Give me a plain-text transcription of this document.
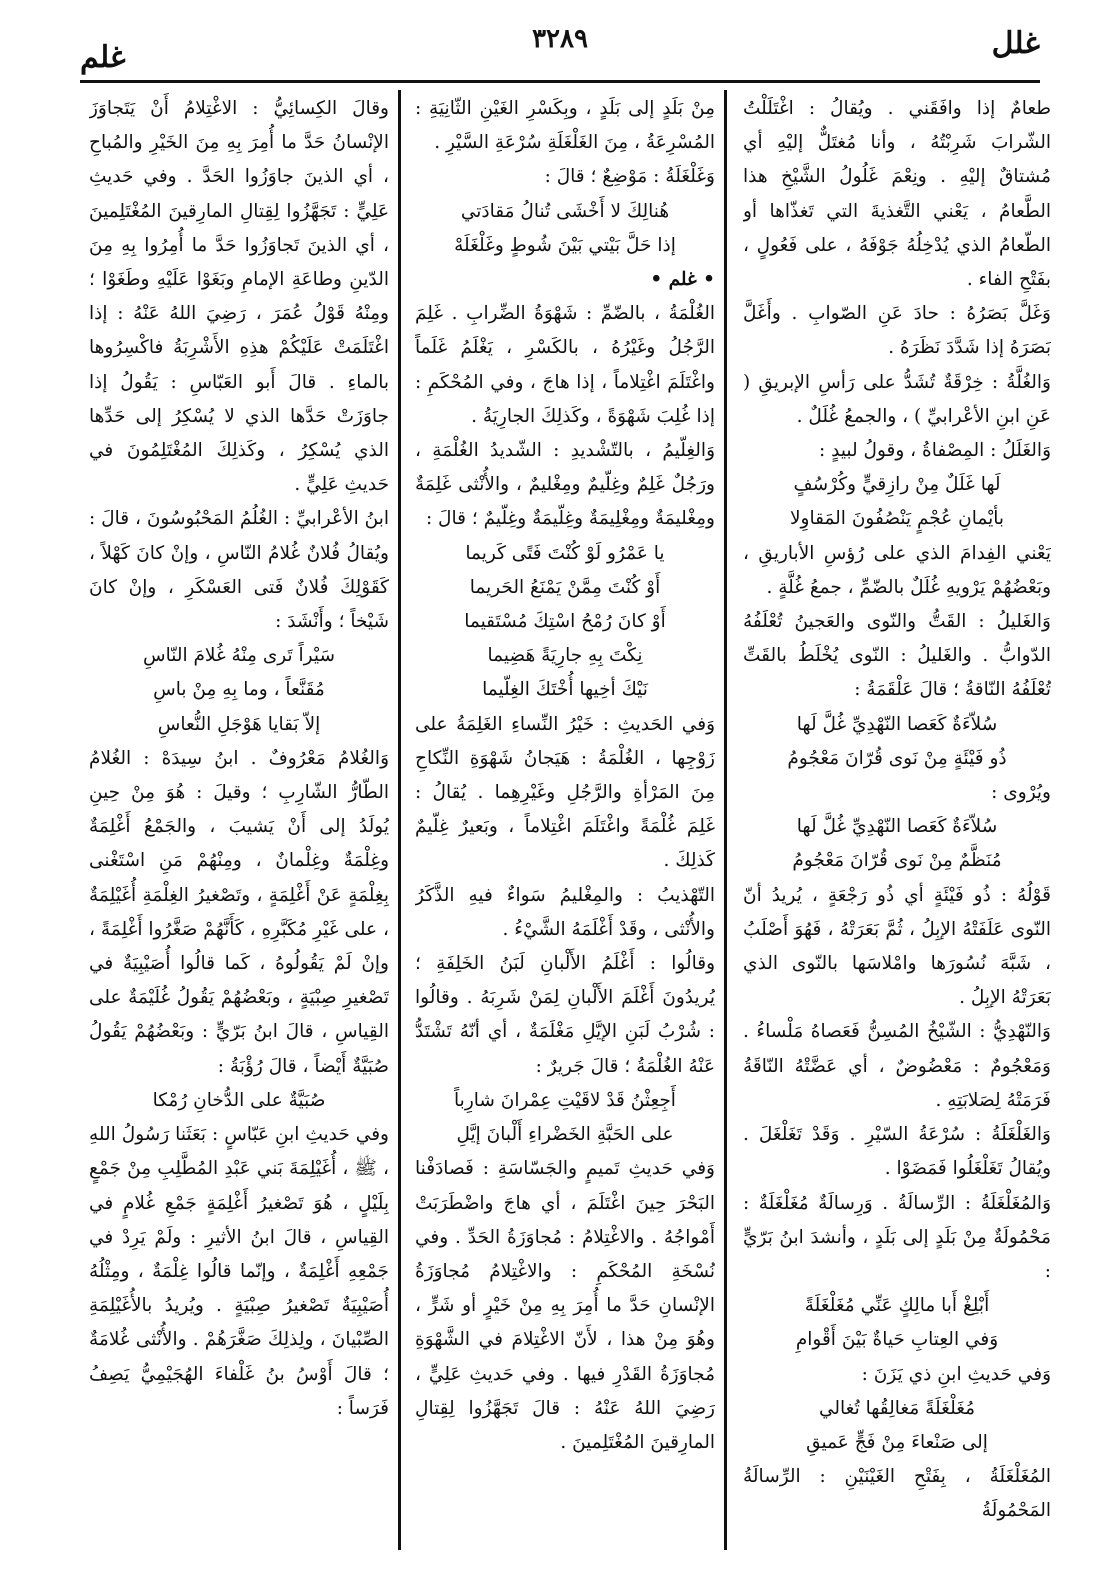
غلل
٣٢٨٩
غلم

طعامٌ إذا وافَقَني . ويُقالُ : اغْتَلَلْتُ الشّرابَ شَرِبْتُهُ ، وأنا مُغتَلٌّ إليْهِ أي مُشتاقٌ إليْهِ . ونِعْمَ غَلُولُ الشَّيْخِ هذا الطَّعامُ ، يَعْني التَّغذيةَ التي تَغذّاها أو الطّعامُ الذي يُدْخِلُهُ جَوْفَهُ ، على فَعُولٍ ، بفَتْحِ الفاء .

وَغَلَّ بَصَرُهُ : حادَ عَنِ الصّوابِ . وأَغَلَّ بَصَرَهُ إذا شَدَّدَ نَظَرَهُ .

وَالغُلَّةُ : خِرْقَةٌ تُشَدُّ على رَأسِ الإبريقِ ( عَنِ ابنِ الأعْرابيِّ ) ، والجمعُ غُلَلٌ .

وَالغَلَلُ : المِصْفاةُ ، وقولُ لبيدٍ :

لَها غَلَلٌ مِنْ رازِقيٍّ وكُرْسُفٍ

بأيْمانِ عُجْمٍ يَنْصُفُونَ المَقاوِلا

يَعْني الفِدامَ الذي على رُؤسِ الأباريقِ ، وبَعْضُهُمْ يَرْويهِ غُلَلٌ بالضّمِّ ، جمعُ غُلَّةٍ .

وَالغَليلُ : القَتُّ والنّوى والعَجينُ تُعْلَفُهُ الدّوابُّ . والغَليلُ : النّوى يُخْلَطُ بالقَتِّ تُعْلَفُهُ النّاقةُ ؛ قالَ عَلْقَمَةُ :

سُلاّءَةٌ كَعَصا النّهْدِيِّ غُلَّ لَها

ذُو فَيْئَةٍ مِنْ نَوى قُرّانَ مَعْجُومُ

ويُرْوى :

سُلاّءَةٌ كَعَصا النّهْدِيِّ غُلَّ لَها

مُنَظَّمٌ مِنْ نَوى قُرّانَ مَعْجُومُ

قَوْلُهُ : ذُو فَيْئَةٍ أي ذُو رَجْعَةٍ ، يُريدُ أنّ النّوى عَلَفَتْهُ الإبِلُ ، ثُمَّ بَعَرَتْهُ ، فَهُوَ أَصْلَبُ ، شَبَّهَ نُسُورَها وامْلاسَها بالنّوى الذي بَعَرَتْهُ الإبِلُ .

وَالنّهْدِيُّ : الشّيْخُ المُسِنُّ فَعَصاهُ مَلْساءُ . وَمَعْجُومٌ : مَعْضُوضٌ ، أي عَضَّتْهُ النّاقَةُ فَرَمَتْهُ لِصَلابَتِهِ .

وَالغَلْغَلَةُ : سُرْعَةُ السّيْرِ . وَقَدْ تَغَلْغَلَ . ويُقالُ تَغَلْغَلُوا فَمَضَوْا .

وَالمُغَلْغَلَةُ : الرِّسالَةُ . وَرِسالَةٌ مُغَلْغَلَةٌ : مَحْمُولَةٌ مِنْ بَلَدٍ إلى بَلَدٍ ، وأنشدَ ابنُ بَرّيٍّ :

أَبْلِغْ أَبا مالِكٍ عَنِّي مُغَلْغَلَةً

وَفي العِتابِ حَياةٌ بَيْنَ أَقْوامِ

وَفي حَديثِ ابنِ ذي يَزَنَ :

مُغَلْغَلَةً مَغالِقُها تُغالي

إلى صَنْعاءَ مِنْ فَجٍّ عَميقِ

المُغَلْغَلَةُ ، بِفَتْحِ الغَيْنَيْنِ : الرِّسالَةُ المَحْمُولَةُ

مِنْ بَلَدٍ إلى بَلَدٍ ، وبِكَسْرِ الغَيْنِ الثّانِيَةِ : المُسْرِعَةُ ، مِنَ الغَلْغَلَةِ سُرْعَةِ السَّيْرِ .

وَغَلْغَلَةُ : مَوْضِعٌ ؛ قالَ :

هُنالِكَ لا أَخْشَى تُنالُ مَقادَتي

إذا حَلَّ بَيْتي بَيْنَ شُوطٍ وغَلْغَلَهْ

• غلم •

الغُلْمَةُ ، بالضّمِّ : شَهْوَةُ الضِّرابِ . غَلِمَ الرَّجُلُ وغَيْرُهُ ، بالكَسْرِ ، يَغْلَمُ غَلَماً واغْتَلَمَ اغْتِلاماً ، إذا هاجَ ، وفي المُحْكَمِ : إذا غُلِبَ شَهْوَةً ، وكَذلِكَ الجارِيَةُ .

وَالغِلّيمُ ، بالتّشْديدِ : الشّديدُ الغُلْمَةِ ، ورَجُلٌ غَلِمٌ وغِلّيمٌ ومِغْليمٌ ، والأُنْثى غَلِمَةٌ ومِغْليمَةٌ ومِغْلِيمَةٌ وغِلّيمَةٌ وغِلّيمٌ ؛ قالَ :

يا عَمْرُو لَوْ كُنْتَ فَتًى كَريما

أَوْ كُنْتَ مِمَّنْ يَمْنَعُ الحَريما

أَوْ كانَ رُمْحُ اسْتِكَ مُسْتَقيما

نِكْتَ بِهِ جارِيَةً هَضِيما

نَيْكَ أخِيها أُخْتَكَ الغِلّيما

وَفي الحَديثِ : خَيْرُ النِّساءِ الغَلِمَةُ على زَوْجِها ، الغُلْمَةُ : هَيَجانُ شَهْوَةِ النِّكاحِ مِنَ المَرْأةِ والرَّجُلِ وغَيْرِهِما . يُقالُ : غَلِمَ غُلْمَةً واغْتَلَمَ اغْتِلاماً ، وبَعيرٌ غِلّيمٌ كَذلِكَ .

التّهْذيبُ : والمِغْليمُ سَواءٌ فيهِ الذَّكَرُ والأُنْثى ، وقَدْ أَغْلَمَهُ الشَّيْءُ .

وقالُوا : أَغْلَمُ الأَلْبانِ لَبَنُ الخَلِفَةِ ؛ يُريدُونَ أَغْلَمَ الأَلْبانِ لِمَنْ شَرِبَهُ . وقالُوا : شُرْبُ لَبَنِ الإيَّلِ مَغْلَمَةٌ ، أي أنّهُ تَشْتَدُّ عَنْهُ الغُلْمَةُ ؛ قالَ جَريرٌ :

أَجِعِثْنُ قَدْ لاقَيْتِ عِمْرانَ شارِباً

على الحَبَّةِ الخَضْراءِ أَلْبانَ إيَّلِ

وَفي حَديثِ تَميمٍ والجَسّاسَةِ : فَصادَفْنا البَحْرَ حِينَ اغْتَلَمَ ، أي هاجَ واضْطَرَبَتْ أَمْواجُهُ . والاغْتِلامُ : مُجاوَزَةُ الحَدِّ . وفي نُسْخَةِ المُحْكَمِ : والاغْتِلامُ مُجاوَزَةُ الإنْسانِ حَدَّ ما أُمِرَ بِهِ مِنْ خَيْرٍ أو شَرٍّ ، وهُوَ مِنْ هذا ، لأَنّ الاغْتِلامَ في الشَّهْوَةِ مُجاوَزَةُ القَدْرِ فيها . وفي حَديثِ عَلِيٍّ ، رَضِيَ اللهُ عَنْهُ : قالَ تَجَهَّزُوا لِقِتالِ المارِقينَ المُغْتَلِمينَ .

وقالَ الكِسائِيُّ : الاغْتِلامُ أَنْ يَتَجاوَزَ الإنْسانُ حَدَّ ما أُمِرَ بِهِ مِنَ الخَيْرِ والمُباحِ ، أي الذينَ جاوَزُوا الحَدَّ . وفي حَديثِ عَلِيٍّ : تَجَهَّزُوا لِقِتالِ المارِقينَ المُغْتَلِمينَ ، أي الذينَ تَجاوَزُوا حَدَّ ما أُمِرُوا بِهِ مِنَ الدّينِ وطاعَةِ الإمامِ وبَغَوْا عَلَيْهِ وطَغَوْا ؛ ومِنْهُ قَوْلُ عُمَرَ ، رَضِيَ اللهُ عَنْهُ : إذا اغْتَلَمَتْ عَلَيْكُمْ هذِهِ الأَشْرِبَةُ فاكْسِرُوها بالماءِ . قالَ أَبو العَبّاسِ : يَقُولُ إذا جاوَزَتْ حَدَّها الذي لا يُسْكِرُ إلى حَدِّها الذي يُسْكِرُ ، وكَذلِكَ المُغْتَلِمُونَ في حَديثِ عَلِيٍّ .

ابنُ الأعْرابيِّ : الغُلُمُ المَحْبُوسُونَ ، قالَ : ويُقالُ فُلانٌ غُلامُ النّاسِ ، وإنْ كانَ كَهْلاً ، كَقَوْلِكَ فُلانٌ فَتى العَسْكَرِ ، وإنْ كانَ شَيْخاً ؛ وأَنْشَدَ :

سَيْراً تَرى مِنْهُ غُلامَ النّاسِ

مُقَنَّعاً ، وما بِهِ مِنْ باسِ

إلاّ بَقايا هَوْجَلِ النُّعاسِ

وَالغُلامُ مَعْرُوفٌ . ابنُ سِيدَهْ : الغُلامُ الطّارُّ الشّارِبِ ؛ وقيلَ : هُوَ مِنْ حِينِ يُولَدُ إلى أَنْ يَشيبَ ، والجَمْعُ أَغْلِمَةٌ وغِلْمَةٌ وغِلْمانٌ ، ومِنْهُمْ مَنِ اسْتَغْنى بِغِلْمَةٍ عَنْ أَغْلِمَةٍ ، وتَصْغيرُ الغِلْمَةِ أُغَيْلِمَةٌ ، على غَيْرِ مُكَبَّرِهِ ، كَأَنَّهُمْ صَغَّرُوا أَغْلِمَةً ، وإنْ لَمْ يَقُولُوهُ ، كَما قالُوا أُصَيْبِيَةٌ في تَصْغيرِ صِبْيَةٍ ، وبَعْضُهُمْ يَقُولُ غُلَيْمَةٌ على القِياسِ ، قالَ ابنُ بَرّيٍّ : وبَعْضُهُمْ يَقُولُ صُبَيَّةٌ أَيْضاً ، قالَ رُؤْبَةُ :

صُبَيَّةٌ على الدُّخانِ رُمْكا

وفي حَديثِ ابنِ عَبّاسٍ : بَعَثَنا رَسُولُ اللهِ ، ﷺ ، أُغَيْلِمَةَ بَني عَبْدِ المُطَّلِبِ مِنْ جَمْعٍ بِلَيْلٍ ، هُوَ تَصْغيرُ أَغْلِمَةٍ جَمْعِ غُلامٍ في القِياسِ ، قالَ ابنُ الأثيرِ : ولَمْ يَرِدْ في جَمْعِهِ أَغْلِمَةٌ ، وإنّما قالُوا غِلْمَةٌ ، ومِثْلُهُ أُصَيْبِيَةٌ تَصْغيرُ صِبْيَةٍ . ويُريدُ بالأُغَيْلِمَةِ الصِّبْيانَ ، ولِذلِكَ صَغَّرَهُمْ . والأُنْثى غُلامَةٌ ؛ قالَ أَوْسُ بنُ غَلْفاءَ الهُجَيْمِيُّ يَصِفُ فَرَساً :
